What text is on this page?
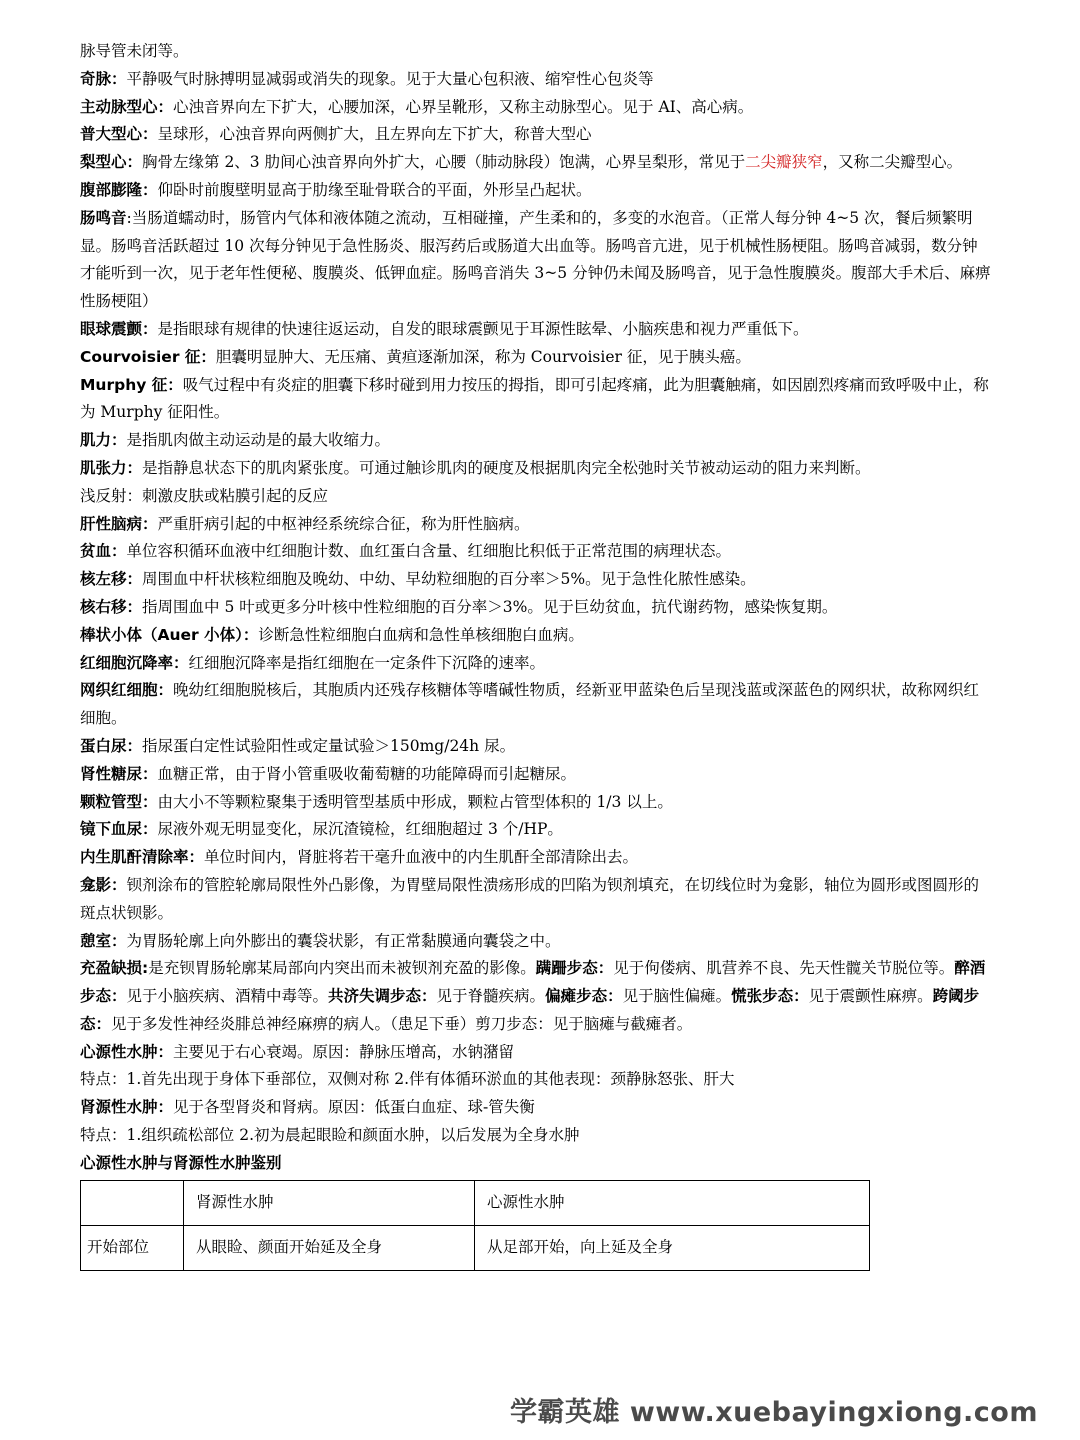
脉导管未闭等。

奇脉：平静吸气时脉搏明显减弱或消失的现象。见于大量心包积液、缩窄性心包炎等

主动脉型心：心浊音界向左下扩大，心腰加深，心界呈靴形，又称主动脉型心。见于 AI、高心病。

普大型心：呈球形，心浊音界向两侧扩大，且左界向左下扩大，称普大型心

梨型心：胸骨左缘第 2、3 肋间心浊音界向外扩大，心腰（肺动脉段）饱满，心界呈梨形，常见于二尖瓣狭窄，又称二尖瓣型心。

腹部膨隆：仰卧时前腹壁明显高于肋缘至耻骨联合的平面，外形呈凸起状。

肠鸣音:当肠道蠕动时，肠管内气体和液体随之流动，互相碰撞，产生柔和的，多变的水泡音。（正常人每分钟 4~5 次，餐后频繁明显。肠鸣音活跃超过 10 次每分钟见于急性肠炎、服泻药后或肠道大出血等。肠鸣音亢进，见于机械性肠梗阻。肠鸣音减弱，数分钟才能听到一次，见于老年性便秘、腹膜炎、低钾血症。肠鸣音消失 3~5 分钟仍未闻及肠鸣音，见于急性腹膜炎。腹部大手术后、麻痹性肠梗阻）

眼球震颤：是指眼球有规律的快速往返运动，自发的眼球震颤见于耳源性眩晕、小脑疾患和视力严重低下。

Courvoisier 征：胆囊明显肿大、无压痛、黄疸逐渐加深，称为 Courvoisier 征，见于胰头癌。

Murphy 征：吸气过程中有炎症的胆囊下移时碰到用力按压的拇指，即可引起疼痛，此为胆囊触痛，如因剧烈疼痛而致呼吸中止，称为 Murphy 征阳性。

肌力：是指肌肉做主动运动是的最大收缩力。

肌张力：是指静息状态下的肌肉紧张度。可通过触诊肌肉的硬度及根据肌肉完全松弛时关节被动运动的阻力来判断。

浅反射：刺激皮肤或粘膜引起的反应

肝性脑病：严重肝病引起的中枢神经系统综合征，称为肝性脑病。

贫血：单位容积循环血液中红细胞计数、血红蛋白含量、红细胞比积低于正常范围的病理状态。

核左移：周围血中杆状核粒细胞及晚幼、中幼、早幼粒细胞的百分率＞5%。见于急性化脓性感染。

核右移：指周围血中 5 叶或更多分叶核中性粒细胞的百分率＞3%。见于巨幼贫血，抗代谢药物，感染恢复期。

棒状小体（Auer 小体）：诊断急性粒细胞白血病和急性单核细胞白血病。

红细胞沉降率：红细胞沉降率是指红细胞在一定条件下沉降的速率。

网织红细胞：晚幼红细胞脱核后，其胞质内还残存核糖体等嗜碱性物质，经新亚甲蓝染色后呈现浅蓝或深蓝色的网织状，故称网织红细胞。

蛋白尿：指尿蛋白定性试验阳性或定量试验＞150mg/24h 尿。

肾性糖尿：血糖正常，由于肾小管重吸收葡萄糖的功能障碍而引起糖尿。

颗粒管型：由大小不等颗粒聚集于透明管型基质中形成，颗粒占管型体积的 1/3 以上。

镜下血尿：尿液外观无明显变化，尿沉渣镜检，红细胞超过 3 个/HP。

内生肌酐清除率：单位时间内，肾脏将若干毫升血液中的内生肌酐全部清除出去。

龛影：钡剂涂布的管腔轮廓局限性外凸影像，为胃壁局限性溃疡形成的凹陷为钡剂填充，在切线位时为龛影，轴位为圆形或图圆形的斑点状钡影。

憩室：为胃肠轮廓上向外膨出的囊袋状影，有正常黏膜通向囊袋之中。

充盈缺损:是充钡胃肠轮廓某局部向内突出而未被钡剂充盈的影像。蹒跚步态：见于佝偻病、肌营养不良、先天性髋关节脱位等。醉酒步态：见于小脑疾病、酒精中毒等。共济失调步态：见于脊髓疾病。偏瘫步态：见于脑性偏瘫。慌张步态：见于震颤性麻痹。跨阈步态：见于多发性神经炎腓总神经麻痹的病人。（患足下垂）剪刀步态：见于脑瘫与截瘫者。

心源性水肿：主要见于右心衰竭。原因：静脉压增高，水钠潴留

特点：1.首先出现于身体下垂部位，双侧对称 2.伴有体循环淤血的其他表现：颈静脉怒张、肝大

肾源性水肿：见于各型肾炎和肾病。原因：低蛋白血症、球-管失衡

特点：1.组织疏松部位 2.初为晨起眼睑和颜面水肿，以后发展为全身水肿

心源性水肿与肾源性水肿鉴别
	肾源性水肿	心源性水肿
开始部位	从眼睑、颜面开始延及全身	从足部开始，向上延及全身
学霸英雄 www.xuebayingxiong.com
